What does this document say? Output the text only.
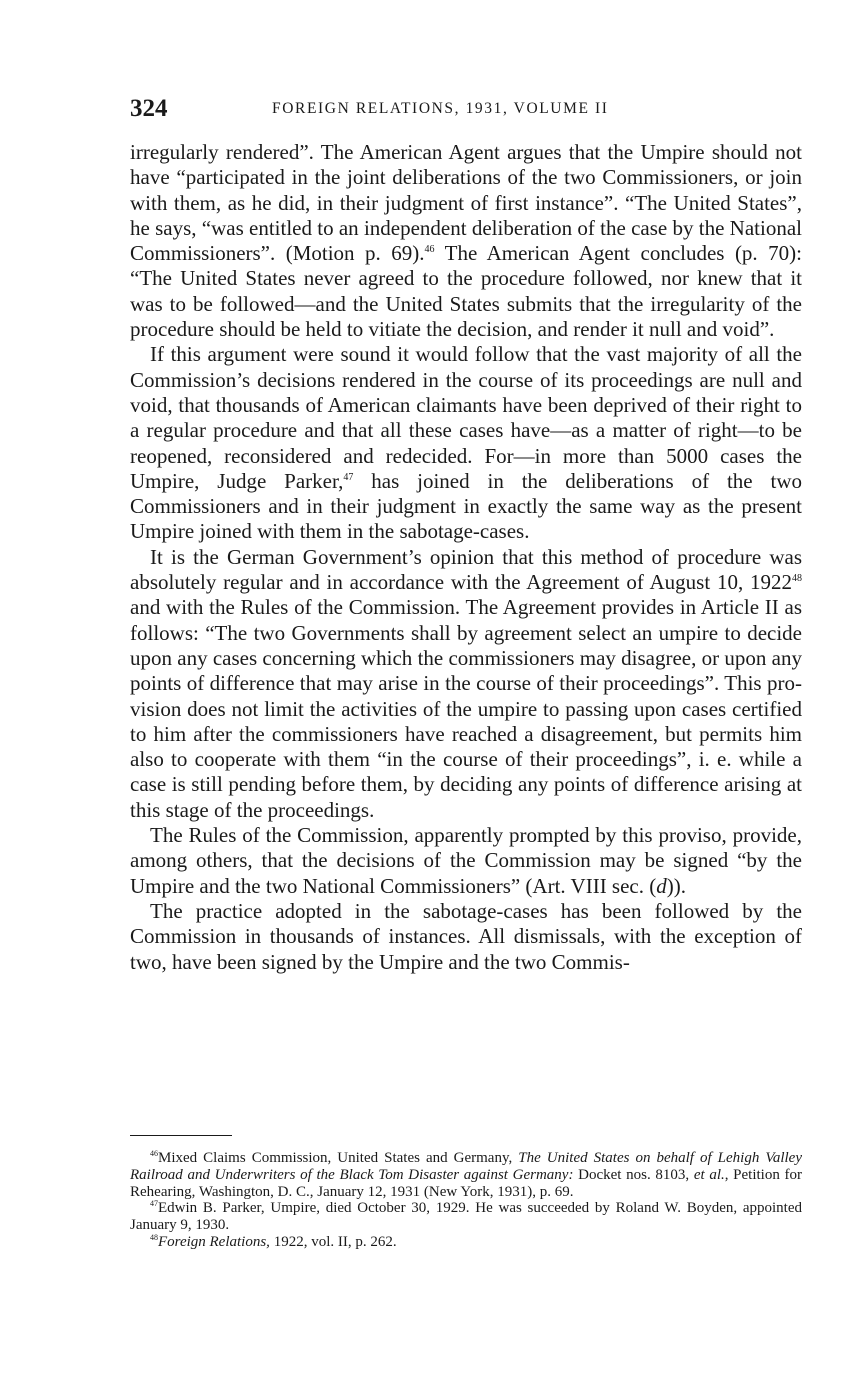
324	FOREIGN RELATIONS, 1931, VOLUME II

irregularly rendered”. The American Agent argues that the Umpire should not have “participated in the joint deliberations of the two Commissioners, or join with them, as he did, in their judgment of first instance”. “The United States”, he says, “was entitled to an independent deliberation of the case by the National Commissioners”. (Motion p. 69).$^{46}$ The American Agent concludes (p. 70): “The United States never agreed to the procedure followed, nor knew that it was to be followed—and the United States submits that the irregularity of the procedure should be held to vitiate the decision, and render it null and void”.

If this argument were sound it would follow that the vast majority of all the Commission’s decisions rendered in the course of its proceedings are null and void, that thousands of American claimants have been deprived of their right to a regular procedure and that all these cases have—as a matter of right—to be reopened, reconsidered and redecided. For—in more than 5000 cases the Umpire, Judge Parker,$^{47}$ has joined in the deliberations of the two Commissioners and in their judgment in exactly the same way as the present Umpire joined with them in the sabotage-cases.

It is the German Government’s opinion that this method of procedure was absolutely regular and in accordance with the Agreement of August 10, 1922$^{48}$ and with the Rules of the Commission. The Agreement provides in Article II as follows: “The two Governments shall by agreement select an umpire to decide upon any cases concerning which the commissioners may disagree, or upon any points of difference that may arise in the course of their proceedings”. This provision does not limit the activities of the umpire to passing upon cases certified to him after the commissioners have reached a disagreement, but permits him also to cooperate with them “in the course of their proceedings”, i. e. while a case is still pending before them, by deciding any points of difference arising at this stage of the proceedings.

The Rules of the Commission, apparently prompted by this proviso, provide, among others, that the decisions of the Commission may be signed “by the Umpire and the two National Commissioners” (Art. VIII sec. (d)).

The practice adopted in the sabotage-cases has been followed by the Commission in thousands of instances. All dismissals, with the exception of two, have been signed by the Umpire and the two Commis-

$^{46}$Mixed Claims Commission, United States and Germany, The United States on behalf of Lehigh Valley Railroad and Underwriters of the Black Tom Disaster against Germany: Docket nos. 8103, et al., Petition for Rehearing, Washington, D. C., January 12, 1931 (New York, 1931), p. 69.

$^{47}$Edwin B. Parker, Umpire, died October 30, 1929. He was succeeded by Roland W. Boyden, appointed January 9, 1930.

$^{48}$Foreign Relations, 1922, vol. II, p. 262.
